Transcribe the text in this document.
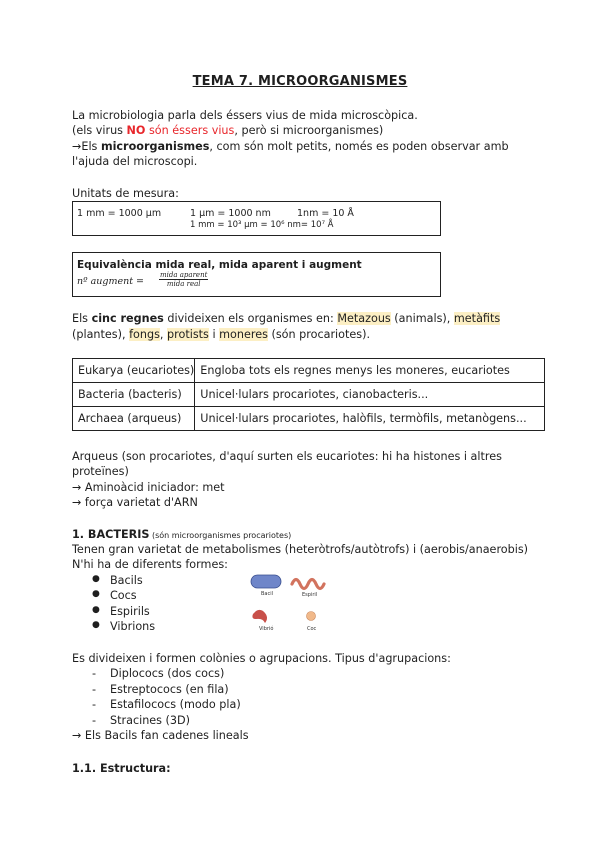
TEMA 7. MICROORGANISMES
La microbiologia parla dels éssers vius de mida microscòpica.
(els virus NO són éssers vius, però si microorganismes)
→Els microorganismes, com són molt petits, només es poden observar amb
l'ajuda del microscopi.
Unitats de mesura:
1 mm = 1000 μm	1 μm = 1000 nm	1nm = 10 Å
1 mm = 10³ μm = 10⁶ nm= 10⁷ Å
Equivalència mida real, mida aparent i augment
nº augment =
mida aparent
mida real
Els cinc regnes divideixen els organismes en: Metazous (animals), metàfits
(plantes), fongs, protists i moneres (són procariotes).
Eukarya (eucariotes)	Engloba tots els regnes menys les moneres, eucariotes
Bacteria (bacteris)	Unicel·lulars procariotes, cianobacteris...
Archaea (arqueus)	Unicel·lulars procariotes, halòfils, termòfils, metanògens...
Arqueus (son procariotes, d'aquí surten els eucariotes: hi ha histones i altres
proteïnes)
→ Aminoàcid iniciador: met
→ força varietat d'ARN
1. BACTERIS (són microorganismes procariotes)
Tenen gran varietat de metabolismes (heteròtrofs/autòtrofs) i (aerobis/anaerobis)
N'hi ha de diferents formes:
● Bacils
● Cocs
● Espirils
● Vibrions
Bacil	Espiril
Vibrió	Coc
Es divideixen i formen colònies o agrupacions. Tipus d'agrupacions:
- Diplococs (dos cocs)
- Estreptococs (en fila)
- Estafilococs (modo pla)
- Stracines (3D)
→ Els Bacils fan cadenes lineals
1.1. Estructura:
